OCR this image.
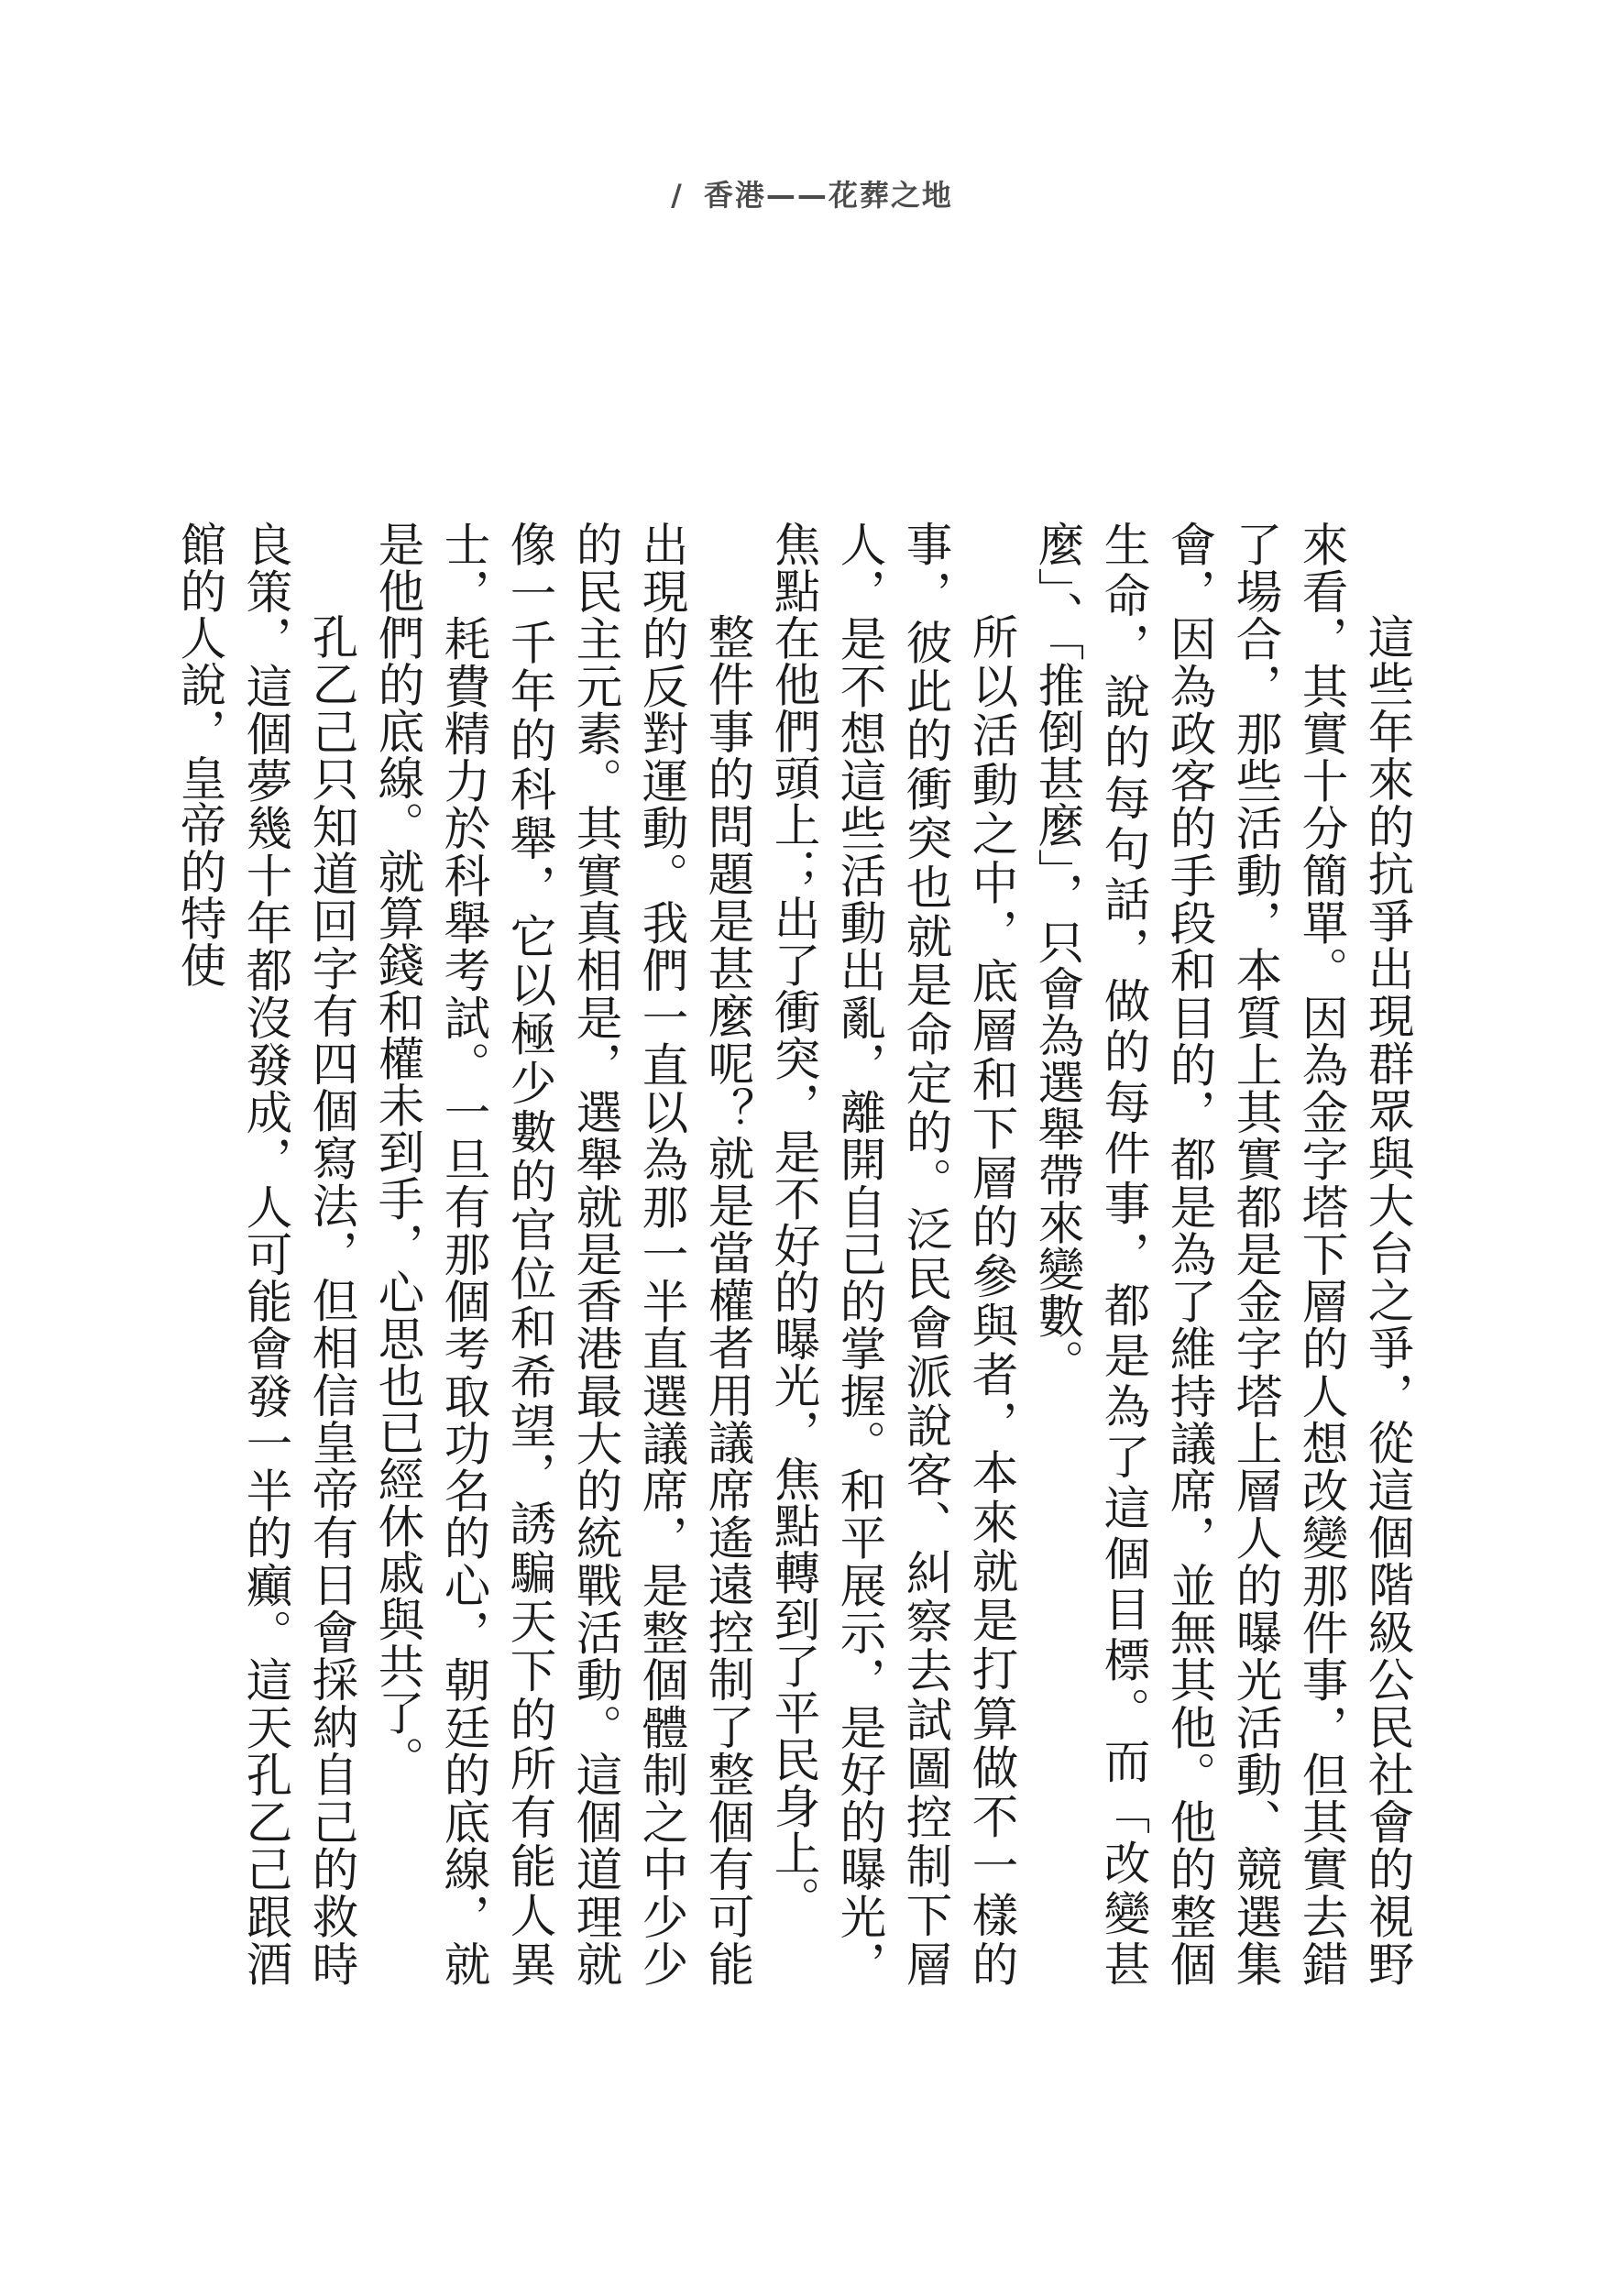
/ 香港——花葬之地

這些年來的抗爭出現群眾與大台之爭，從這個階級公民社會的視野來看，其實十分簡單。因為金字塔下層的人想改變那件事，但其實去錯了場合，那些活動，本質上其實都是金字塔上層人的曝光活動、競選集會，因為政客的手段和目的，都是為了維持議席，並無其他。他的整個生命，說的每句話，做的每件事，都是為了這個目標。而「改變甚麼」、「推倒甚麼」，只會為選舉帶來變數。

所以活動之中，底層和下層的參與者，本來就是打算做不一樣的事，彼此的衝突也就是命定的。泛民會派說客、糾察去試圖控制下層人，是不想這些活動出亂，離開自己的掌握。和平展示，是好的曝光，焦點在他們頭上；出了衝突，是不好的曝光，焦點轉到了平民身上。

整件事的問題是甚麼呢？就是當權者用議席遙遠控制了整個有可能出現的反對運動。我們一直以為那一半直選議席，是整個體制之中少少的民主元素。其實真相是，選舉就是香港最大的統戰活動。這個道理就像一千年的科舉，它以極少數的官位和希望，誘騙天下的所有能人異士，耗費精力於科舉考試。一旦有那個考取功名的心，朝廷的底線，就是他們的底線。就算錢和權未到手，心思也已經休戚與共了。

孔乙己只知道回字有四個寫法，但相信皇帝有日會採納自己的救時良策，這個夢幾十年都沒發成，人可能會發一半的癲。這天孔乙己跟酒館的人說，皇帝的特使
